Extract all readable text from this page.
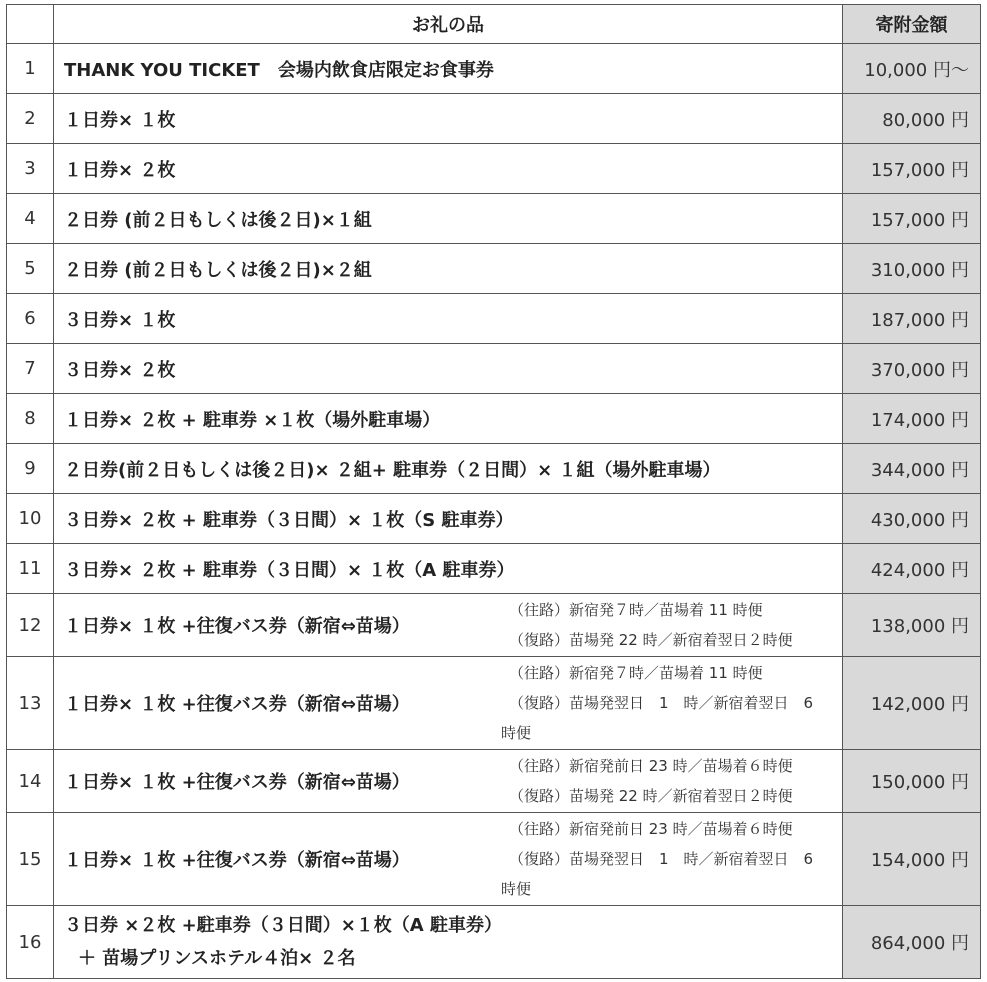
	お礼の品	寄附金額
1	THANK YOU TICKET　会場内飲食店限定お食事券	10,000 円～
2	１日券× １枚	80,000 円
3	１日券× ２枚	157,000 円
4	２日券 (前２日もしくは後２日)×１組	157,000 円
5	２日券 (前２日もしくは後２日)×２組	310,000 円
6	３日券× １枚	187,000 円
7	３日券× ２枚	370,000 円
8	１日券× ２枚 + 駐車券 ×１枚（場外駐車場）	174,000 円
9	２日券(前２日もしくは後２日)× ２組+ 駐車券（２日間）× １組（場外駐車場）	344,000 円
10	３日券× ２枚 + 駐車券（３日間）× １枚（S 駐車券）	430,000 円
11	３日券× ２枚 + 駐車券（３日間）× １枚（A 駐車券）	424,000 円
12	１日券× １枚 +往復バス券（新宿⇔苗場）
（往路）新宿発７時／苗場着 11 時便
（復路）苗場発 22 時／新宿着翌日２時便	138,000 円
13	１日券× １枚 +往復バス券（新宿⇔苗場）
（往路）新宿発７時／苗場着 11 時便
（復路）苗場発翌日　1　時／新宿着翌日　6
時便	142,000 円
14	１日券× １枚 +往復バス券（新宿⇔苗場）
（往路）新宿発前日 23 時／苗場着６時便
（復路）苗場発 22 時／新宿着翌日２時便	150,000 円
15	１日券× １枚 +往復バス券（新宿⇔苗場）
（往路）新宿発前日 23 時／苗場着６時便
（復路）苗場発翌日　1　時／新宿着翌日　6
時便	154,000 円
16	３日券 ×２枚 +駐車券（３日間）×１枚（A 駐車券）
＋ 苗場プリンスホテル４泊× ２名	864,000 円
